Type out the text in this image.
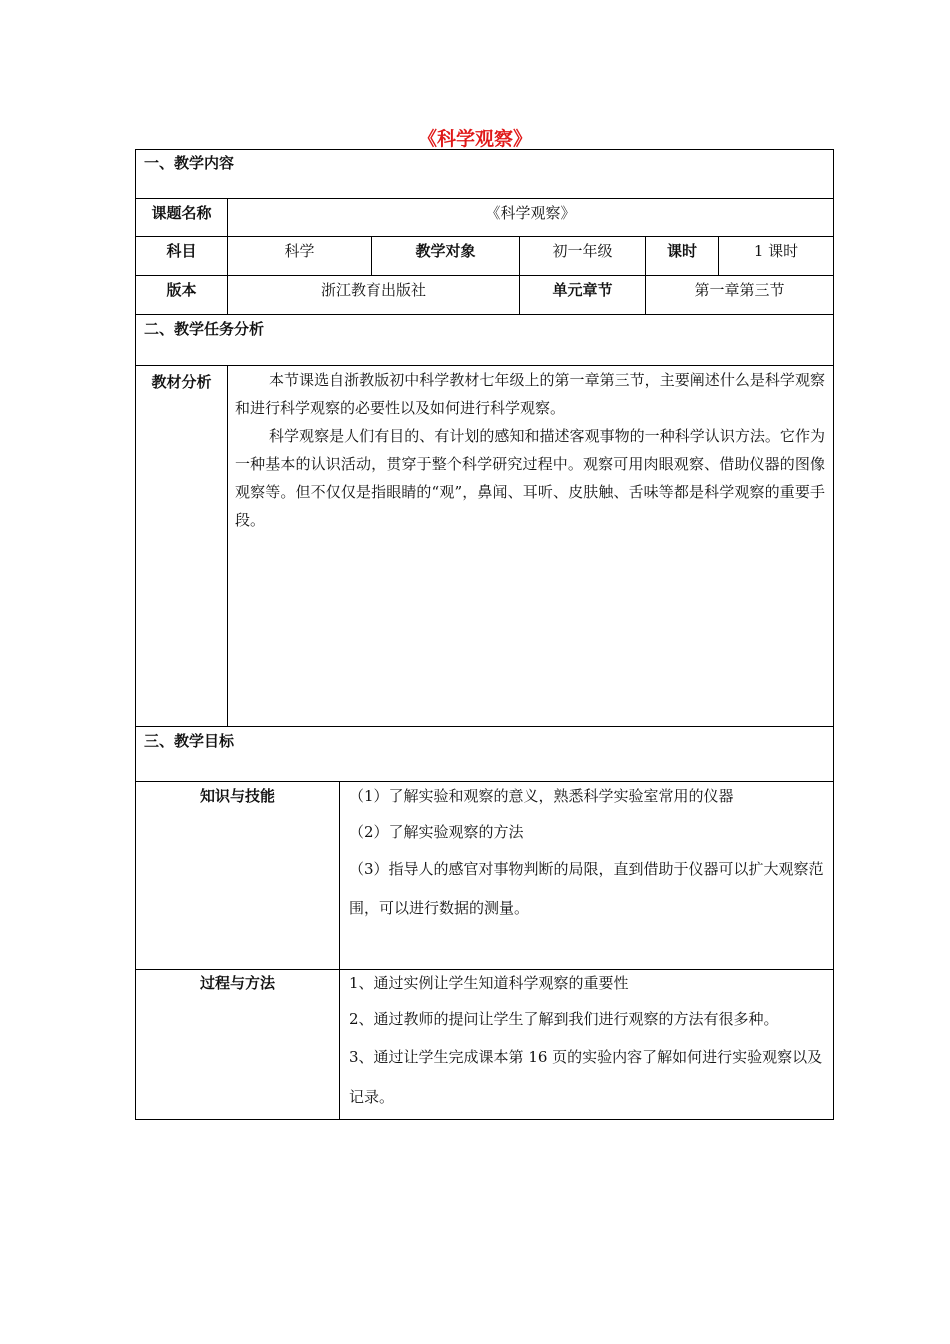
《科学观察》
一、教学内容
课题名称	《科学观察》
科目	科学	教学对象	初一年级	课时	1 课时
版本	浙江教育出版社	单元章节	第一章第三节
二、教学任务分析
教材分析	本节课选自浙教版初中科学教材七年级上的第一章第三节，主要阐述什么是科学观察和进行科学观察的必要性以及如何进行科学观察。

科学观察是人们有目的、有计划的感知和描述客观事物的一种科学认识方法。它作为一种基本的认识活动，贯穿于整个科学研究过程中。观察可用肉眼观察、借助仪器的图像观察等。但不仅仅是指眼睛的“观”，鼻闻、耳听、皮肤触、舌味等都是科学观察的重要手段。

三、教学目标
知识与技能	（1）了解实验和观察的意义，熟悉科学实验室常用的仪器
（2）了解实验观察的方法
（3）指导人的感官对事物判断的局限，直到借助于仪器可以扩大观察范围，可以进行数据的测量。
过程与方法	1、通过实例让学生知道科学观察的重要性
2、通过教师的提问让学生了解到我们进行观察的方法有很多种。
3、通过让学生完成课本第 16 页的实验内容了解如何进行实验观察以及记录。
